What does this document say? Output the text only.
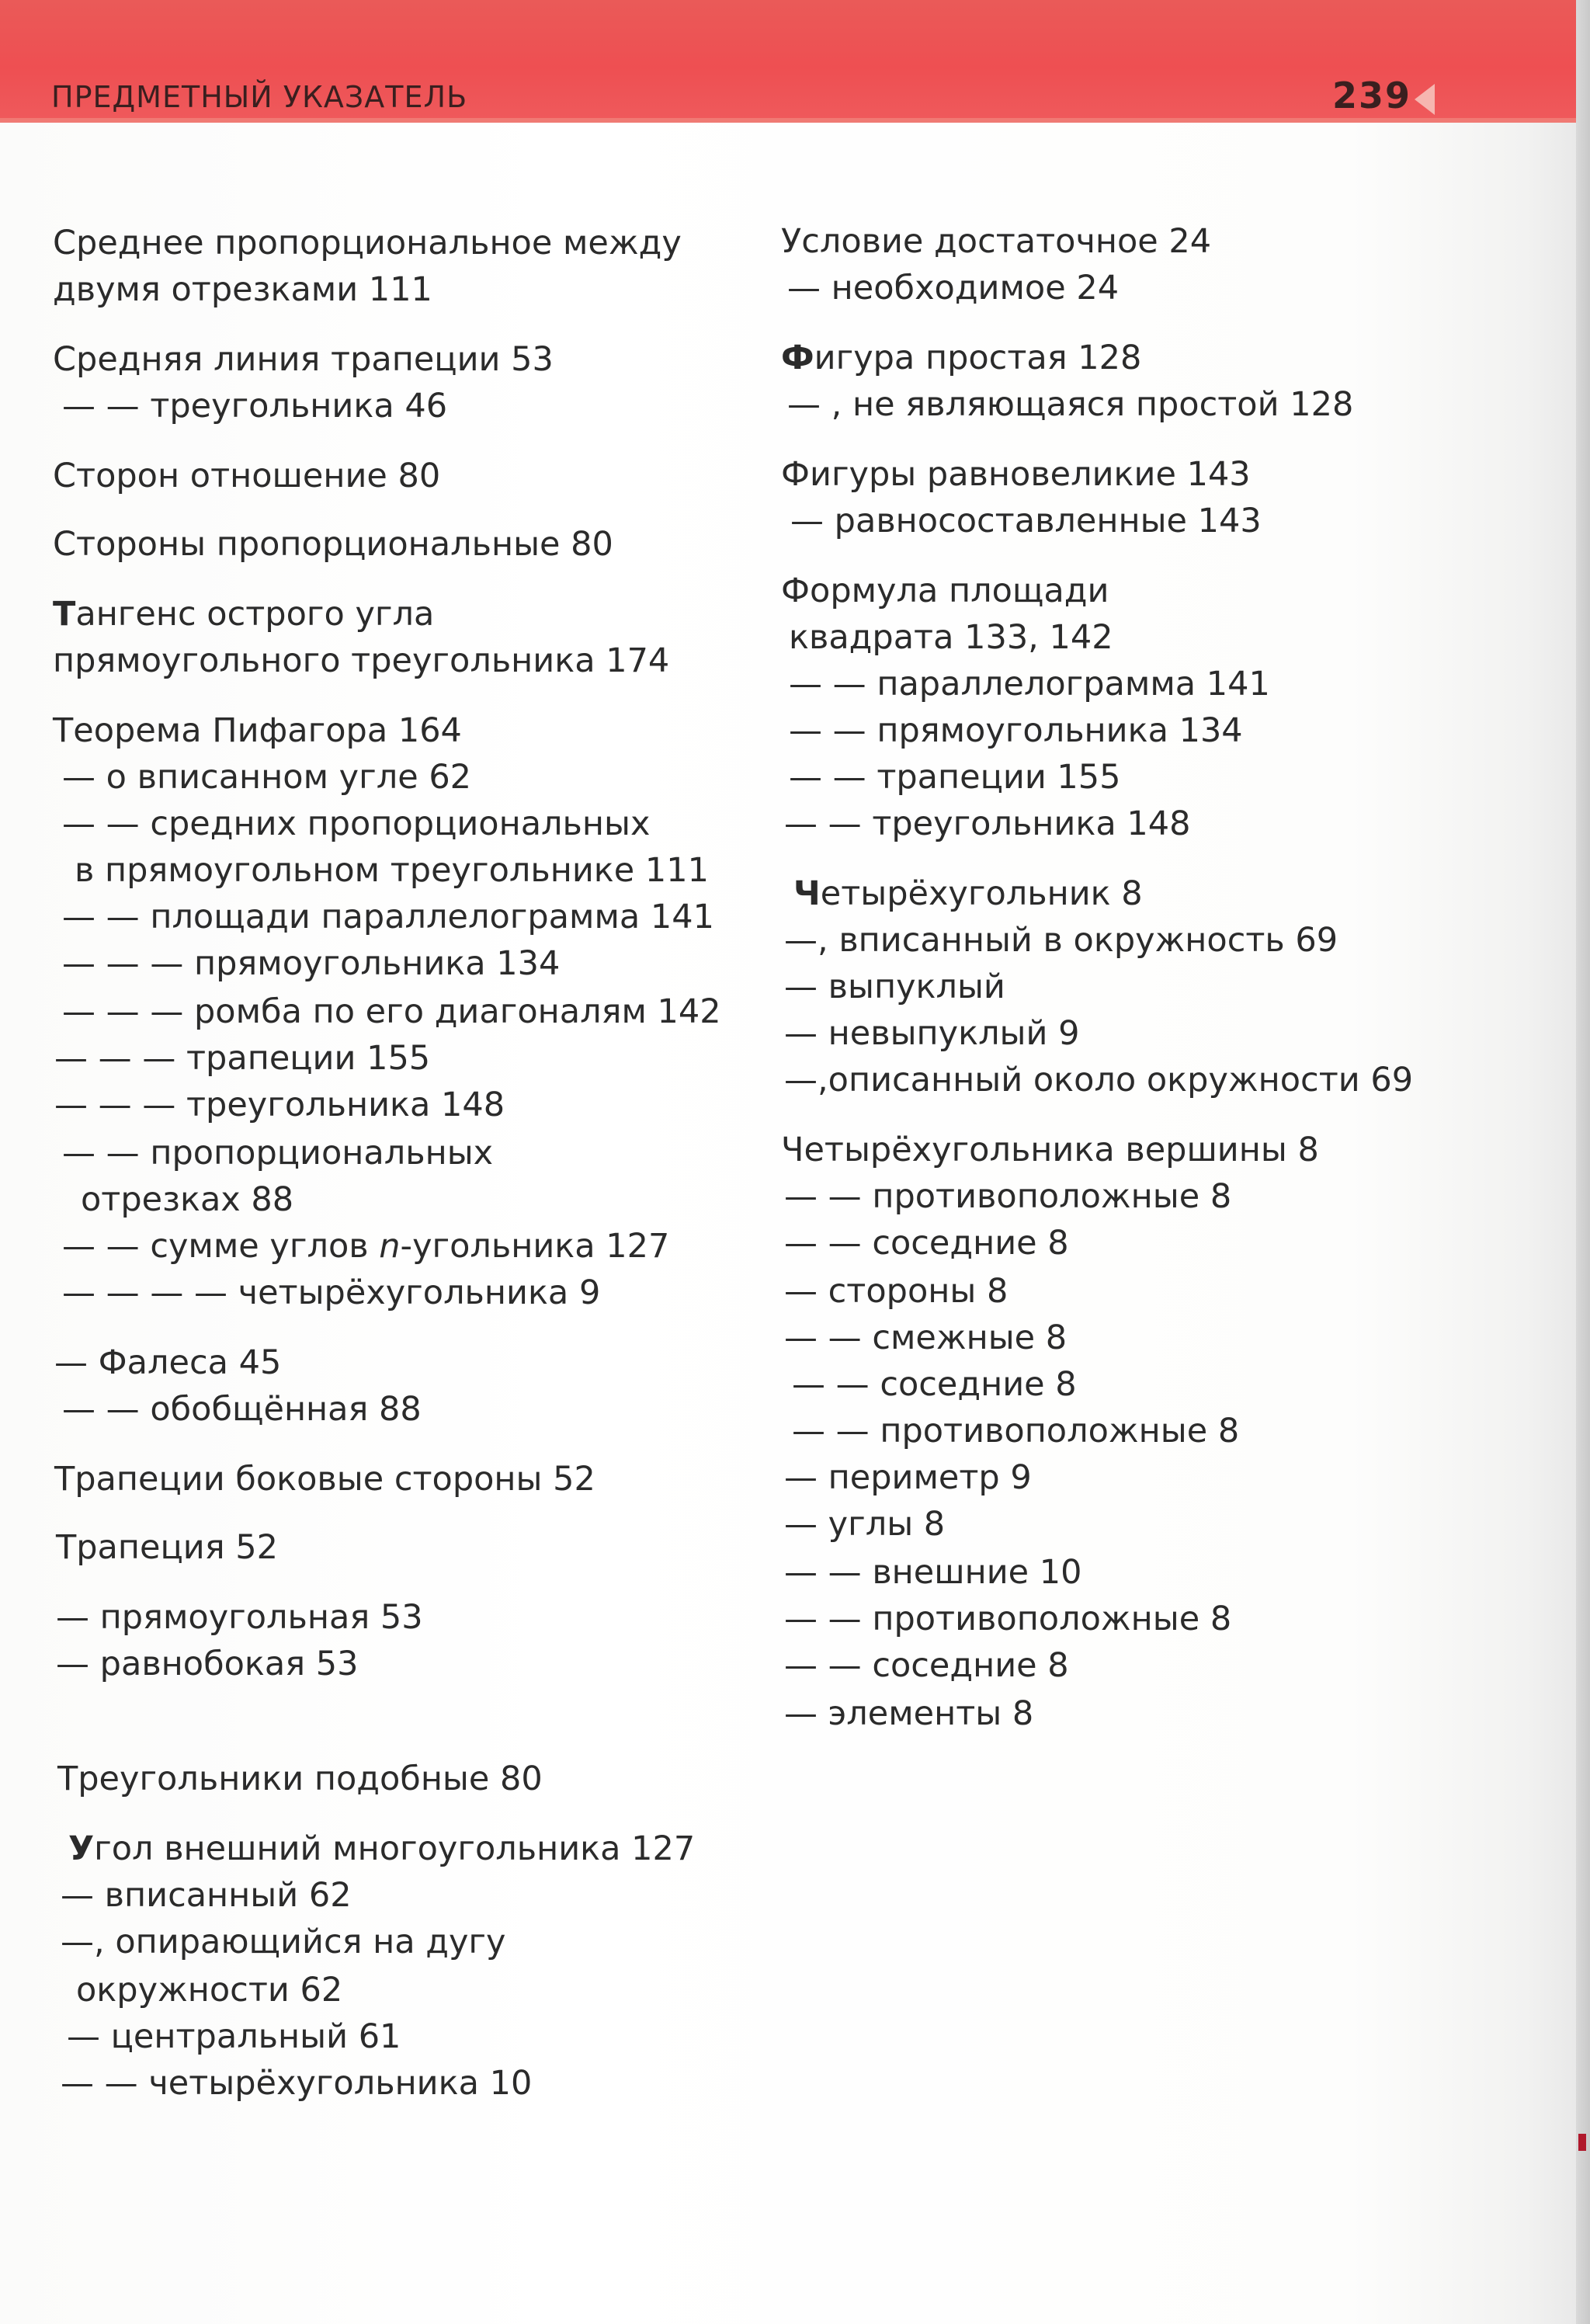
ПРЕДМЕТНЫЙ УКАЗАТЕЛЬ	239
Среднее пропорциональное между
двумя отрезками 111
Средняя линия трапеции 53
— — треугольника 46
Сторон отношение 80
Стороны пропорциональные 80
Тангенс острого угла
прямоугольного треугольника 174
Теорема Пифагора 164
— о вписанном угле 62
— — средних пропорциональных
в прямоугольном треугольнике 111
— — площади параллелограмма 141
— — — прямоугольника 134
— — — ромба по его диагоналям 142
— — — трапеции 155
— — — треугольника 148
— — пропорциональных
отрезках 88
— — сумме углов n-угольника 127
— — — — четырёхугольника 9
— Фалеса 45
— — обобщённая 88
Трапеции боковые стороны 52
Трапеция 52
— прямоугольная 53
— равнобокая 53
Треугольники подобные 80
Угол внешний многоугольника 127
— вписанный 62
—, опирающийся на дугу
окружности 62
— центральный 61
— — четырёхугольника 10
Условие достаточное 24
— необходимое 24
Фигура простая 128
— , не являющаяся простой 128
Фигуры равновеликие 143
— равносоставленные 143
Формула площади
квадрата 133, 142
— — параллелограмма 141
— — прямоугольника 134
— — трапеции 155
— — треугольника 148
Четырёхугольник 8
—, вписанный в окружность 69
— выпуклый
— невыпуклый 9
—,описанный около окружности 69
Четырёхугольника вершины 8
— — противоположные 8
— — соседние 8
— стороны 8
— — смежные 8
— — соседние 8
— — противоположные 8
— периметр 9
— углы 8
— — внешние 10
— — противоположные 8
— — соседние 8
— элементы 8
